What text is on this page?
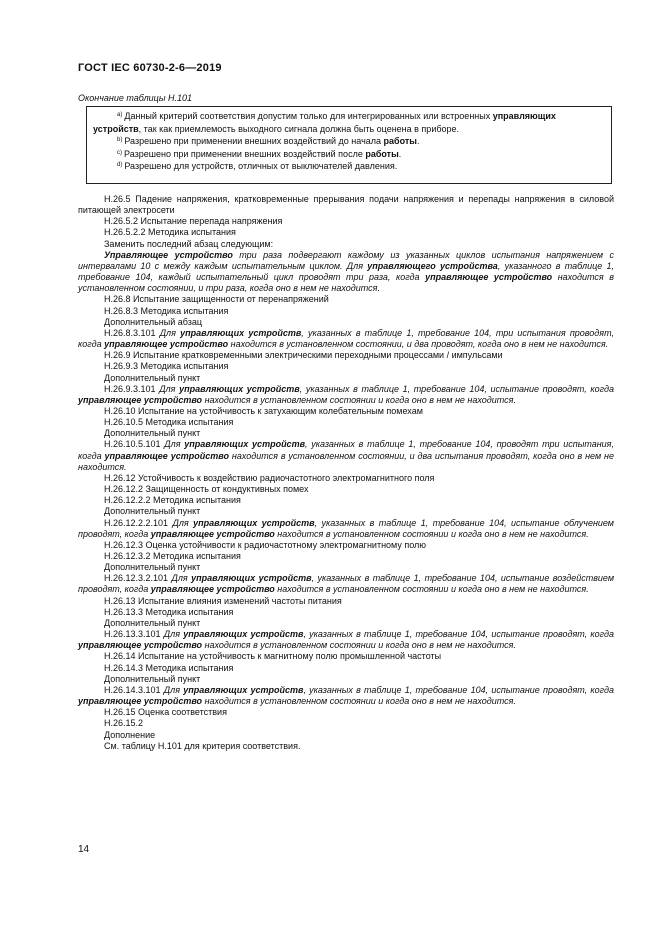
ГОСТ IEC 60730-2-6—2019
Окончание таблицы Н.101

$^{a)}$ Данный критерий соответствия допустим только для интегрированных или встроенных управляющих устройств, так как приемлемость выходного сигнала должна быть оценена в приборе.

$^{b)}$ Разрешено при применении внешних воздействий до начала работы.

$^{c)}$ Разрешено при применении внешних воздействий после работы.

$^{d)}$ Разрешено для устройств, отличных от выключателей давления.

Н.26.5 Падение напряжения, кратковременные прерывания подачи напряжения и перепады напряжения в силовой питающей электросети

Н.26.5.2 Испытание перепада напряжения

Н.26.5.2.2 Методика испытания

Заменить последний абзац следующим:

Управляющее устройство три раза подвергают каждому из указанных циклов испытания напряжением с интервалами 10 с между каждым испытательным циклом. Для управляющего устройства, указанного в таблице 1, требование 104, каждый испытательный цикл проводят три раза, когда управляющее устройство находится в установленном состоянии, и три раза, когда оно в нем не находится.

Н.26.8 Испытание защищенности от перенапряжений

Н.26.8.3 Методика испытания

Дополнительный абзац

Н.26.8.3.101 Для управляющих устройств, указанных в таблице 1, требование 104, три испытания проводят, когда управляющее устройство находится в установленном состоянии, и два проводят, когда оно в нем не находится.

Н.26.9 Испытание кратковременными электрическими переходными процессами / импульсами

Н.26.9.3 Методика испытания

Дополнительный пункт

Н.26.9.3.101 Для управляющих устройств, указанных в таблице 1, требование 104, испытание проводят, когда управляющее устройство находится в установленном состоянии и когда оно в нем не находится.

Н.26.10 Испытание на устойчивость к затухающим колебательным помехам

Н.26.10.5 Методика испытания

Дополнительный пункт

Н.26.10.5.101 Для управляющих устройств, указанных в таблице 1, требование 104, проводят три испытания, когда управляющее устройство находится в установленном состоянии, и два испытания проводят, когда оно в нем не находится.

Н.26.12 Устойчивость к воздействию радиочастотного электромагнитного поля

Н.26.12.2 Защищенность от кондуктивных помех

Н.26.12.2.2 Методика испытания

Дополнительный пункт

Н.26.12.2.2.101 Для управляющих устройств, указанных в таблице 1, требование 104, испытание облучением проводят, когда управляющее устройство находится в установленном состоянии и когда оно в нем не находится.

Н.26.12.3 Оценка устойчивости к радиочастотному электромагнитному полю

Н.26.12.3.2 Методика испытания

Дополнительный пункт

Н.26.12.3.2.101 Для управляющих устройств, указанных в таблице 1, требование 104, испытание воздействием проводят, когда управляющее устройство находится в установленном состоянии и когда оно в нем не находится.

Н.26.13 Испытание влияния изменений частоты питания

Н.26.13.3 Методика испытания

Дополнительный пункт

Н.26.13.3.101 Для управляющих устройств, указанных в таблице 1, требование 104, испытание проводят, когда управляющее устройство находится в установленном состоянии и когда оно в нем не находится.

Н.26.14 Испытание на устойчивость к магнитному полю промышленной частоты

Н.26.14.3 Методика испытания

Дополнительный пункт

Н.26.14.3.101 Для управляющих устройств, указанных в таблице 1, требование 104, испытание проводят, когда управляющее устройство находится в установленном состоянии и когда оно в нем не находится.

Н.26.15 Оценка соответствия

Н.26.15.2

Дополнение

См. таблицу Н.101 для критерия соответствия.

14
